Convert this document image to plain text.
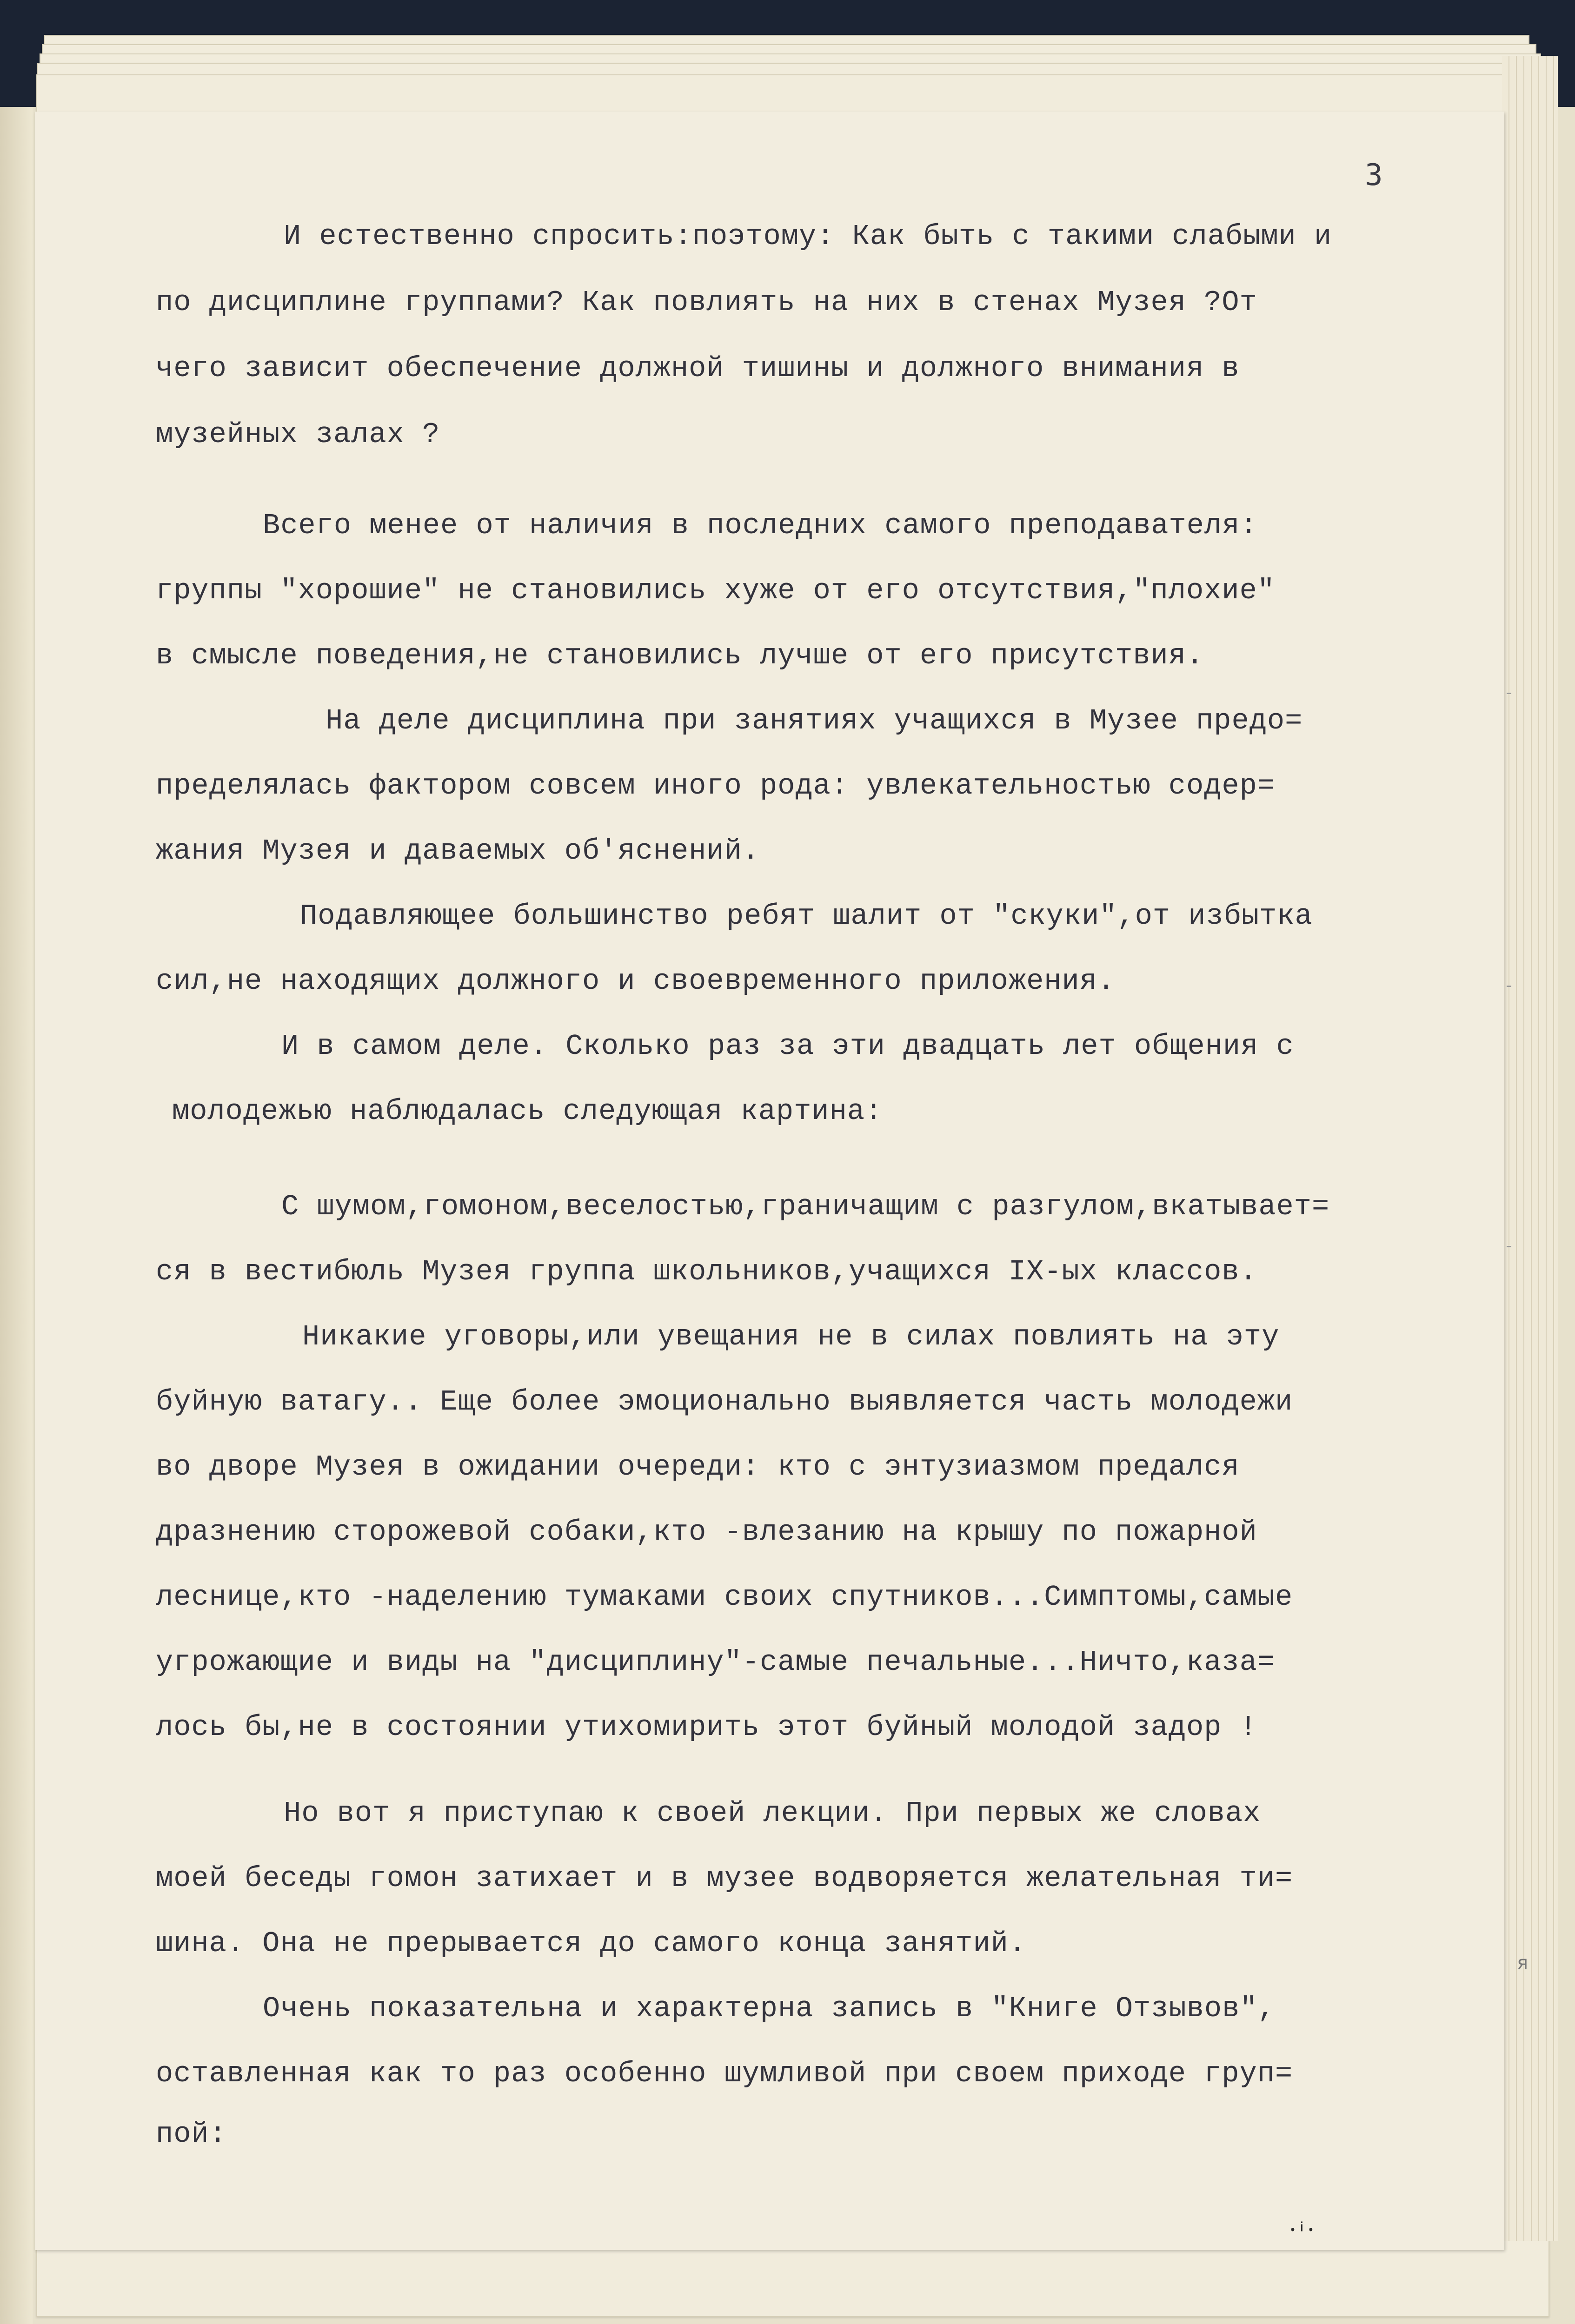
я
3
И естественно спросить:поэтому: Как быть с такими слабыми и
по дисциплине группами? Как повлиять на них в стенах Музея ?От
чего зависит обеспечение должной тишины и должного внимания в
музейных залах ?
Всего менее от наличия в последних самого преподавателя:
группы "хорошие" не становились хуже от его отсутствия,"плохие"
в смысле поведения,не становились лучше от его присутствия.
На деле дисциплина при занятиях учащихся в Музее предо=
пределялась фактором совсем иного рода: увлекательностью содер=
жания Музея и даваемых об'яснений.
Подавляющее большинство ребят шалит от "скуки",от избытка
сил,не находящих должного и своевременного приложения.
И в самом деле. Сколько раз за эти двадцать лет общения с
молодежью наблюдалась следующая картина:
С шумом,гомоном,веселостью,граничащим с разгулом,вкатывает=
ся в вестибюль Музея группа школьников,учащихся IX-ых классов.
Никакие уговоры,или увещания не в силах повлиять на эту
буйную ватагу.. Еще более эмоционально выявляется часть молодежи
во дворе Музея в ожидании очереди: кто с энтузиазмом предался
дразнению сторожевой собаки,кто -влезанию на крышу по пожарной
леснице,кто -наделению тумаками своих спутников...Симптомы,самые
угрожающие и виды на "дисциплину"-самые печальные...Ничто,каза=
лось бы,не в состоянии утихомирить этот буйный молодой задор !
Но вот я приступаю к своей лекции. При первых же словах
моей беседы гомон затихает и в музее водворяется желательная ти=
шина. Она не прерывается до самого конца занятий.
Очень показательна и характерна запись в "Книге Отзывов",
оставленная как то раз особенно шумливой при своем приходе груп=
пой:
᛫ⁱ᛫
